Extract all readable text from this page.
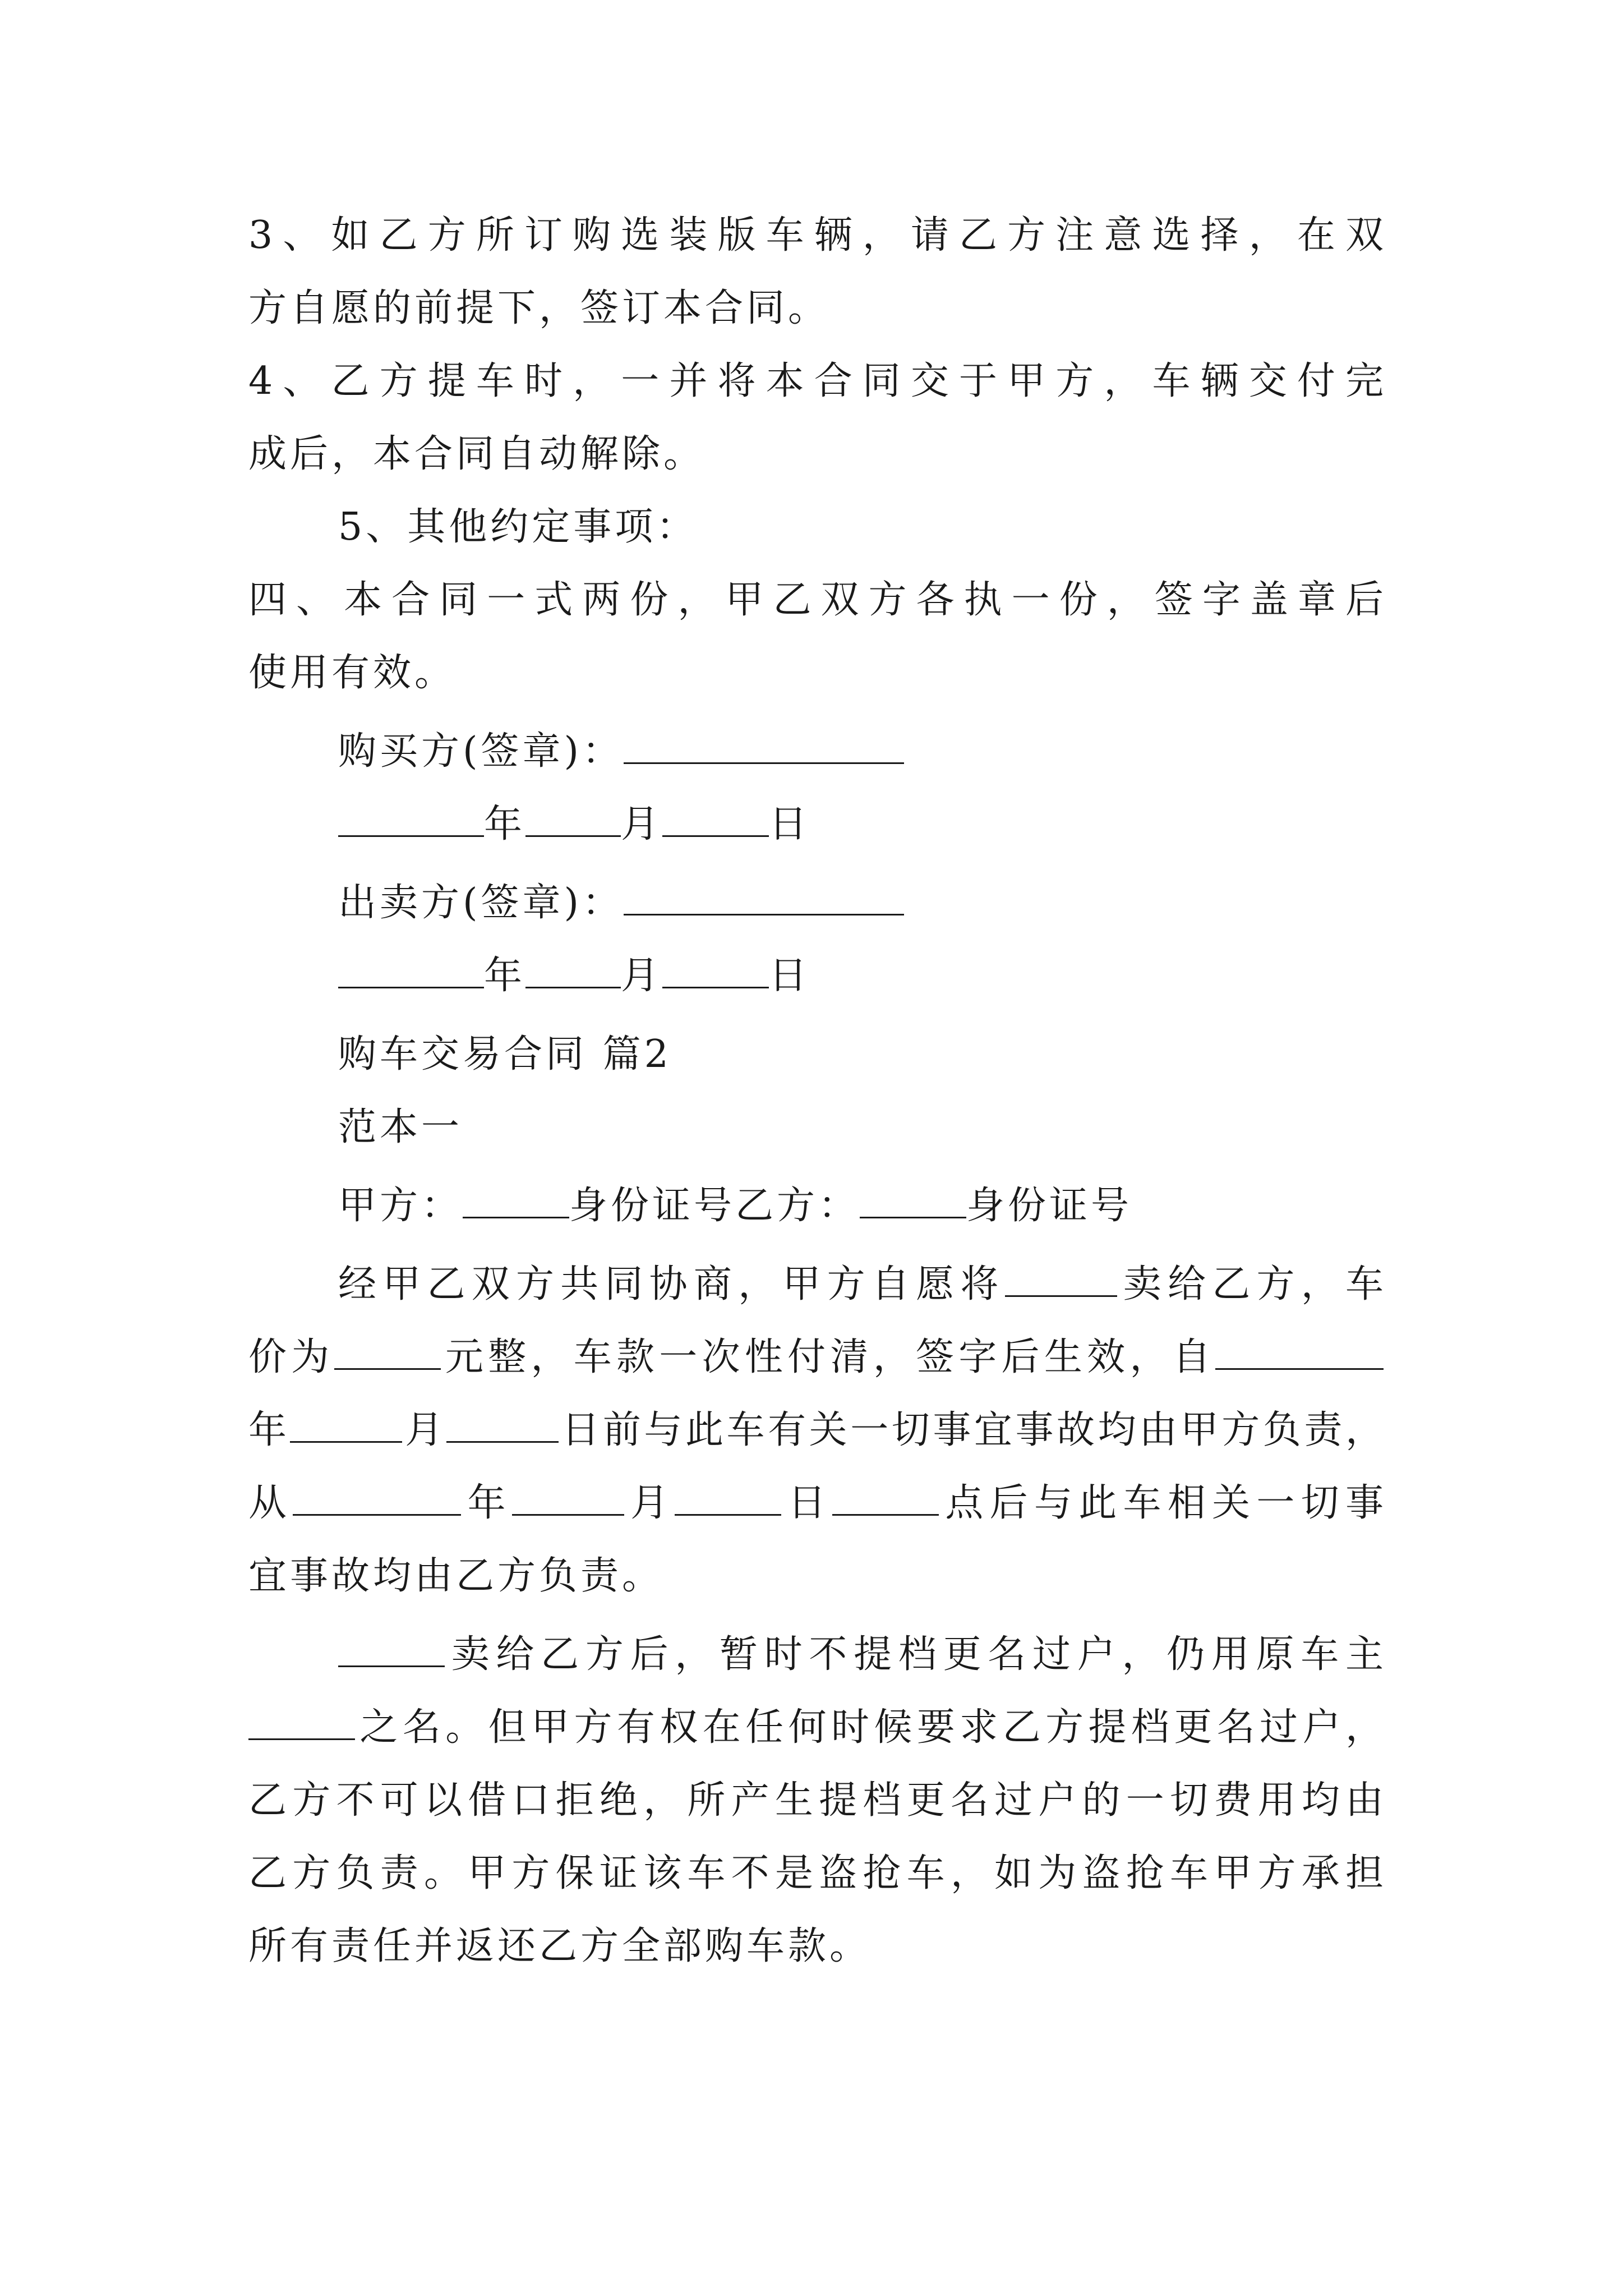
3、如乙方所订购选装版车辆，请乙方注意选择，在双
方自愿的前提下，签订本合同。
4、乙方提车时，一并将本合同交于甲方，车辆交付完
成后，本合同自动解除。
5、其他约定事项：
四、本合同一式两份，甲乙双方各执一份，签字盖章后
使用有效。
购买方(签章)：
年	月	日
出卖方(签章)：
年	月	日
购车交易合同 篇2
范本一
甲方：	身份证号乙方：	身份证号
经甲乙双方共同协商，甲方自愿将	卖给乙方，车
价为	元整，车款一次性付清，签字后生效，自
年	月	日前与此车有关一切事宜事故均由甲方负责，
从	年	月	日	点后与此车相关一切事
宜事故均由乙方负责。
卖给乙方后，暂时不提档更名过户，仍用原车主
之名。但甲方有权在任何时候要求乙方提档更名过户，
乙方不可以借口拒绝，所产生提档更名过户的一切费用均由
乙方负责。甲方保证该车不是盗抢车，如为盗抢车甲方承担
所有责任并返还乙方全部购车款。
